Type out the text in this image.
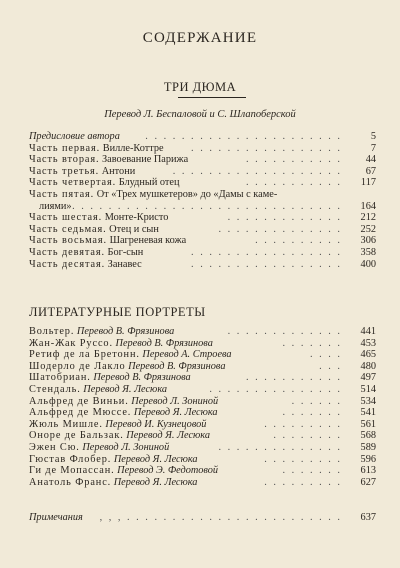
СОДЕРЖАНИЕ
ТРИ ДЮМА
Перевод Л. Беспаловой и С. Шлапоберской
Предисловие автора . . . . . . . . . . . . . . . . . . . . . .	5
Часть первая. Вилле-Коттре	. . . . . . . . . . . . . . . . .	7
Часть вторая. Завоевание Парижа	. . . . . . . . . . .	44
Часть третья. Антони	. . . . . . . . . . . . . . . . . . .	67
Часть четвертая. Блудный отец	. . . . . . . . . . .	117
Часть пятая. От «Трех мушкетеров» до «Дамы с каме-
лиями» . . . . . . . . . . . . . . . . . . . . . . . . . . . . . .	164
Часть шестая. Монте-Кристо	. . . . . . . . . . . . .	212
Часть седьмая. Отец и сын	. . . . . . . . . . . . . .	252
Часть восьмая. Шагреневая кожа	. . . . . . . . . .	306
Часть девятая. Бог-сын	. . . . . . . . . . . . . . . . .	358
Часть десятая. Занавес	. . . . . . . . . . . . . . . . .	400
ЛИТЕРАТУРНЫЕ ПОРТРЕТЫ
Вольтер. Перевод В. Фрязинова	. . . . . . . . . . . . .	441
Жан-Жак Руссо. Перевод В. Фрязинова	. . . . . . .	453
Ретиф де ла Бретонн. Перевод А. Строева	. . . .	465
Шодерло де Лакло Перевод В. Фрязинова	. . .	480
Шатобриан. Перевод В. Фрязинова	. . . . . . . . . . .	497
Стендаль. Перевод Я. Лесюка	. . . . . . . . . . . . . . .	514
Альфред де Виньи. Перевод Л. Зониной	. . . . . .	534
Альфред де Мюссе. Перевод Я. Лесюка	. . . . . . .	541
Жюль Мишле. Перевод И. Кузнецовой	. . . . . . . . .	561
Оноре де Бальзак. Перевод Я. Лесюка	. . . . . . . .	568
Эжен Сю. Перевод Л. Зониной	. . . . . . . . . . . . . .	589
Гюстав Флобер. Перевод Я. Лесюка	. . . . . . . . .	596
Ги де Мопассан. Перевод Э. Федотовой	. . . . . . .	613
Анатоль Франс. Перевод Я. Лесюка	. . . . . . . . .	627
Примечания , , , . . . . . . . . . . . . . . . . . . . . . . . .	637
